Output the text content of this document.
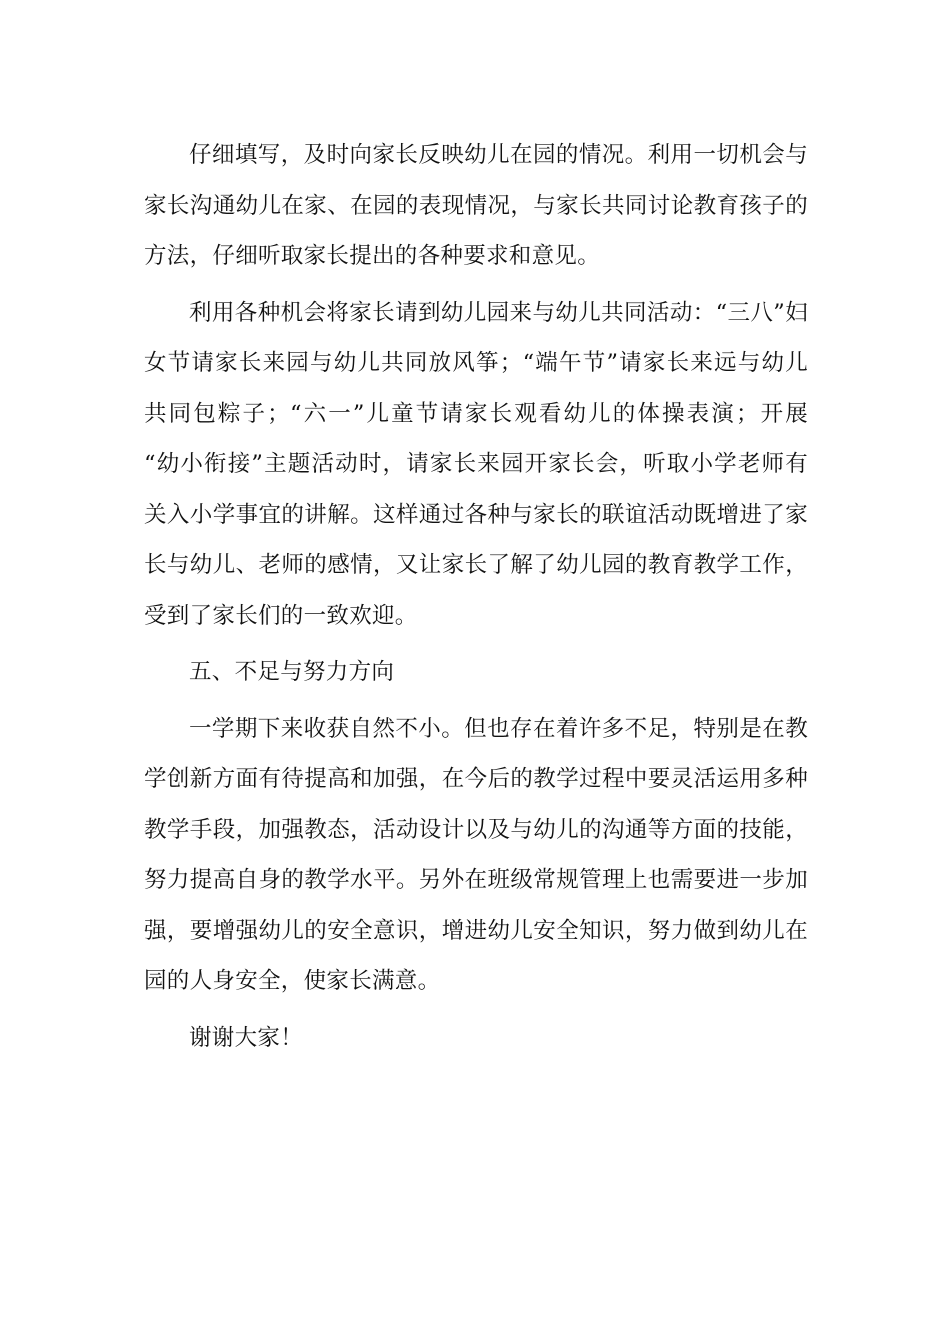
仔细填写，及时向家长反映幼儿在园的情况。利用一切机会与
家长沟通幼儿在家、在园的表现情况，与家长共同讨论教育孩子的
方法，仔细听取家长提出的各种要求和意见。
利用各种机会将家长请到幼儿园来与幼儿共同活动：“三八”妇
女节请家长来园与幼儿共同放风筝；“端午节”请家长来远与幼儿
共同包粽子；“六一”儿童节请家长观看幼儿的体操表演；开展
“幼小衔接”主题活动时，请家长来园开家长会，听取小学老师有
关入小学事宜的讲解。这样通过各种与家长的联谊活动既增进了家
长与幼儿、老师的感情，又让家长了解了幼儿园的教育教学工作，
受到了家长们的一致欢迎。
五、不足与努力方向
一学期下来收获自然不小。但也存在着许多不足，特别是在教
学创新方面有待提高和加强，在今后的教学过程中要灵活运用多种
教学手段，加强教态，活动设计以及与幼儿的沟通等方面的技能，
努力提高自身的教学水平。另外在班级常规管理上也需要进一步加
强，要增强幼儿的安全意识，增进幼儿安全知识，努力做到幼儿在
园的人身安全，使家长满意。
谢谢大家！
